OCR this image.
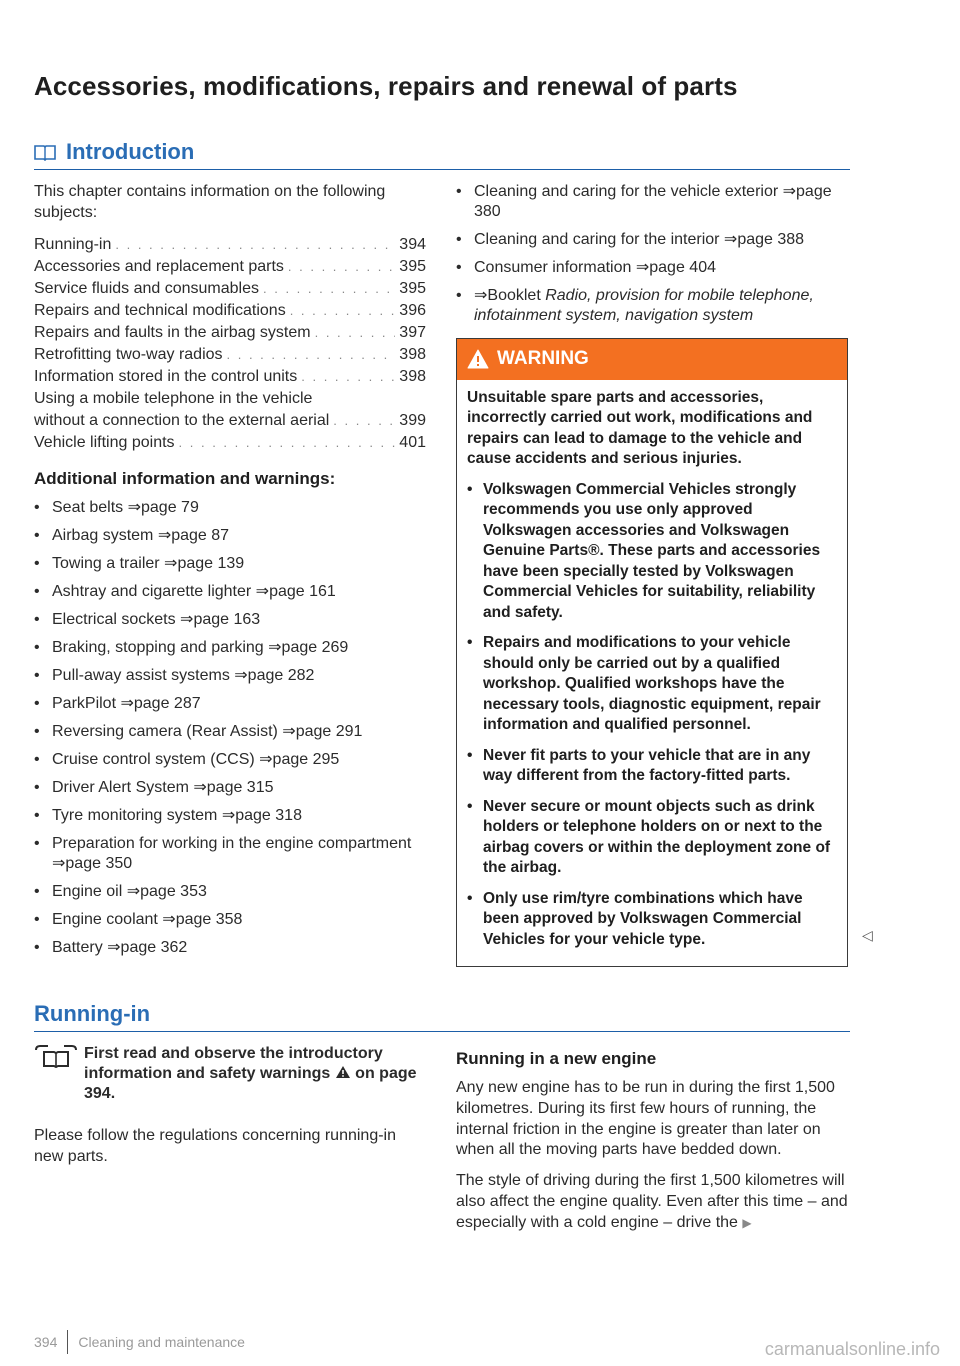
Accessories, modifications, repairs and renewal of parts
Introduction

This chapter contains information on the following subjects:

Running-in . . .	394
Accessories and replacement parts . . .	395
Service fluids and consumables . . .	395
Repairs and technical modifications . . .	396
Repairs and faults in the airbag system . . .	397
Retrofitting two-way radios . . .	398
Information stored in the control units . . .	398
Using a mobile telephone in the vehicle
without a connection to the external aerial . . .	399
Vehicle lifting points . . .	401
Additional information and warnings:
• Seat belts ⇒page 79
• Airbag system ⇒page 87
• Towing a trailer ⇒page 139
• Ashtray and cigarette lighter ⇒page 161
• Electrical sockets ⇒page 163
• Braking, stopping and parking ⇒page 269
• Pull-away assist systems ⇒page 282
• ParkPilot ⇒page 287
• Reversing camera (Rear Assist) ⇒page 291
• Cruise control system (CCS) ⇒page 295
• Driver Alert System ⇒page 315
• Tyre monitoring system ⇒page 318
• Preparation for working in the engine compartment ⇒page 350
• Engine oil ⇒page 353
• Engine coolant ⇒page 358
• Battery ⇒page 362
• Cleaning and caring for the vehicle exterior ⇒page 380
• Cleaning and caring for the interior ⇒page 388
• Consumer information ⇒page 404
• ⇒Booklet Radio, provision for mobile telephone, infotainment system, navigation system
WARNING

Unsuitable spare parts and accessories, incorrectly carried out work, modifications and repairs can lead to damage to the vehicle and cause accidents and serious injuries.

• Volkswagen Commercial Vehicles strongly recommends you use only approved Volkswagen accessories and Volkswagen Genuine Parts®. These parts and accessories have been specially tested by Volkswagen Commercial Vehicles for suitability, reliability and safety.
• Repairs and modifications to your vehicle should only be carried out by a qualified workshop. Qualified workshops have the necessary tools, diagnostic equipment, repair information and qualified personnel.
• Never fit parts to your vehicle that are in any way different from the factory-fitted parts.
• Never secure or mount objects such as drink holders or telephone holders on or next to the airbag covers or within the deployment zone of the airbag.
• Only use rim/tyre combinations which have been approved by Volkswagen Commercial Vehicles for your vehicle type.	◁
Running-in
First read and observe the introductory information and safety warnings on page 394.

Please follow the regulations concerning running-in new parts.

Running in a new engine

Any new engine has to be run in during the first 1,500 kilometres. During its first few hours of running, the internal friction in the engine is greater than later on when all the moving parts have bedded down.

The style of driving during the first 1,500 kilometres will also affect the engine quality. Even after this time – and especially with a cold engine – drive the ▶

394 Cleaning and maintenance	carmanualsonline.info
